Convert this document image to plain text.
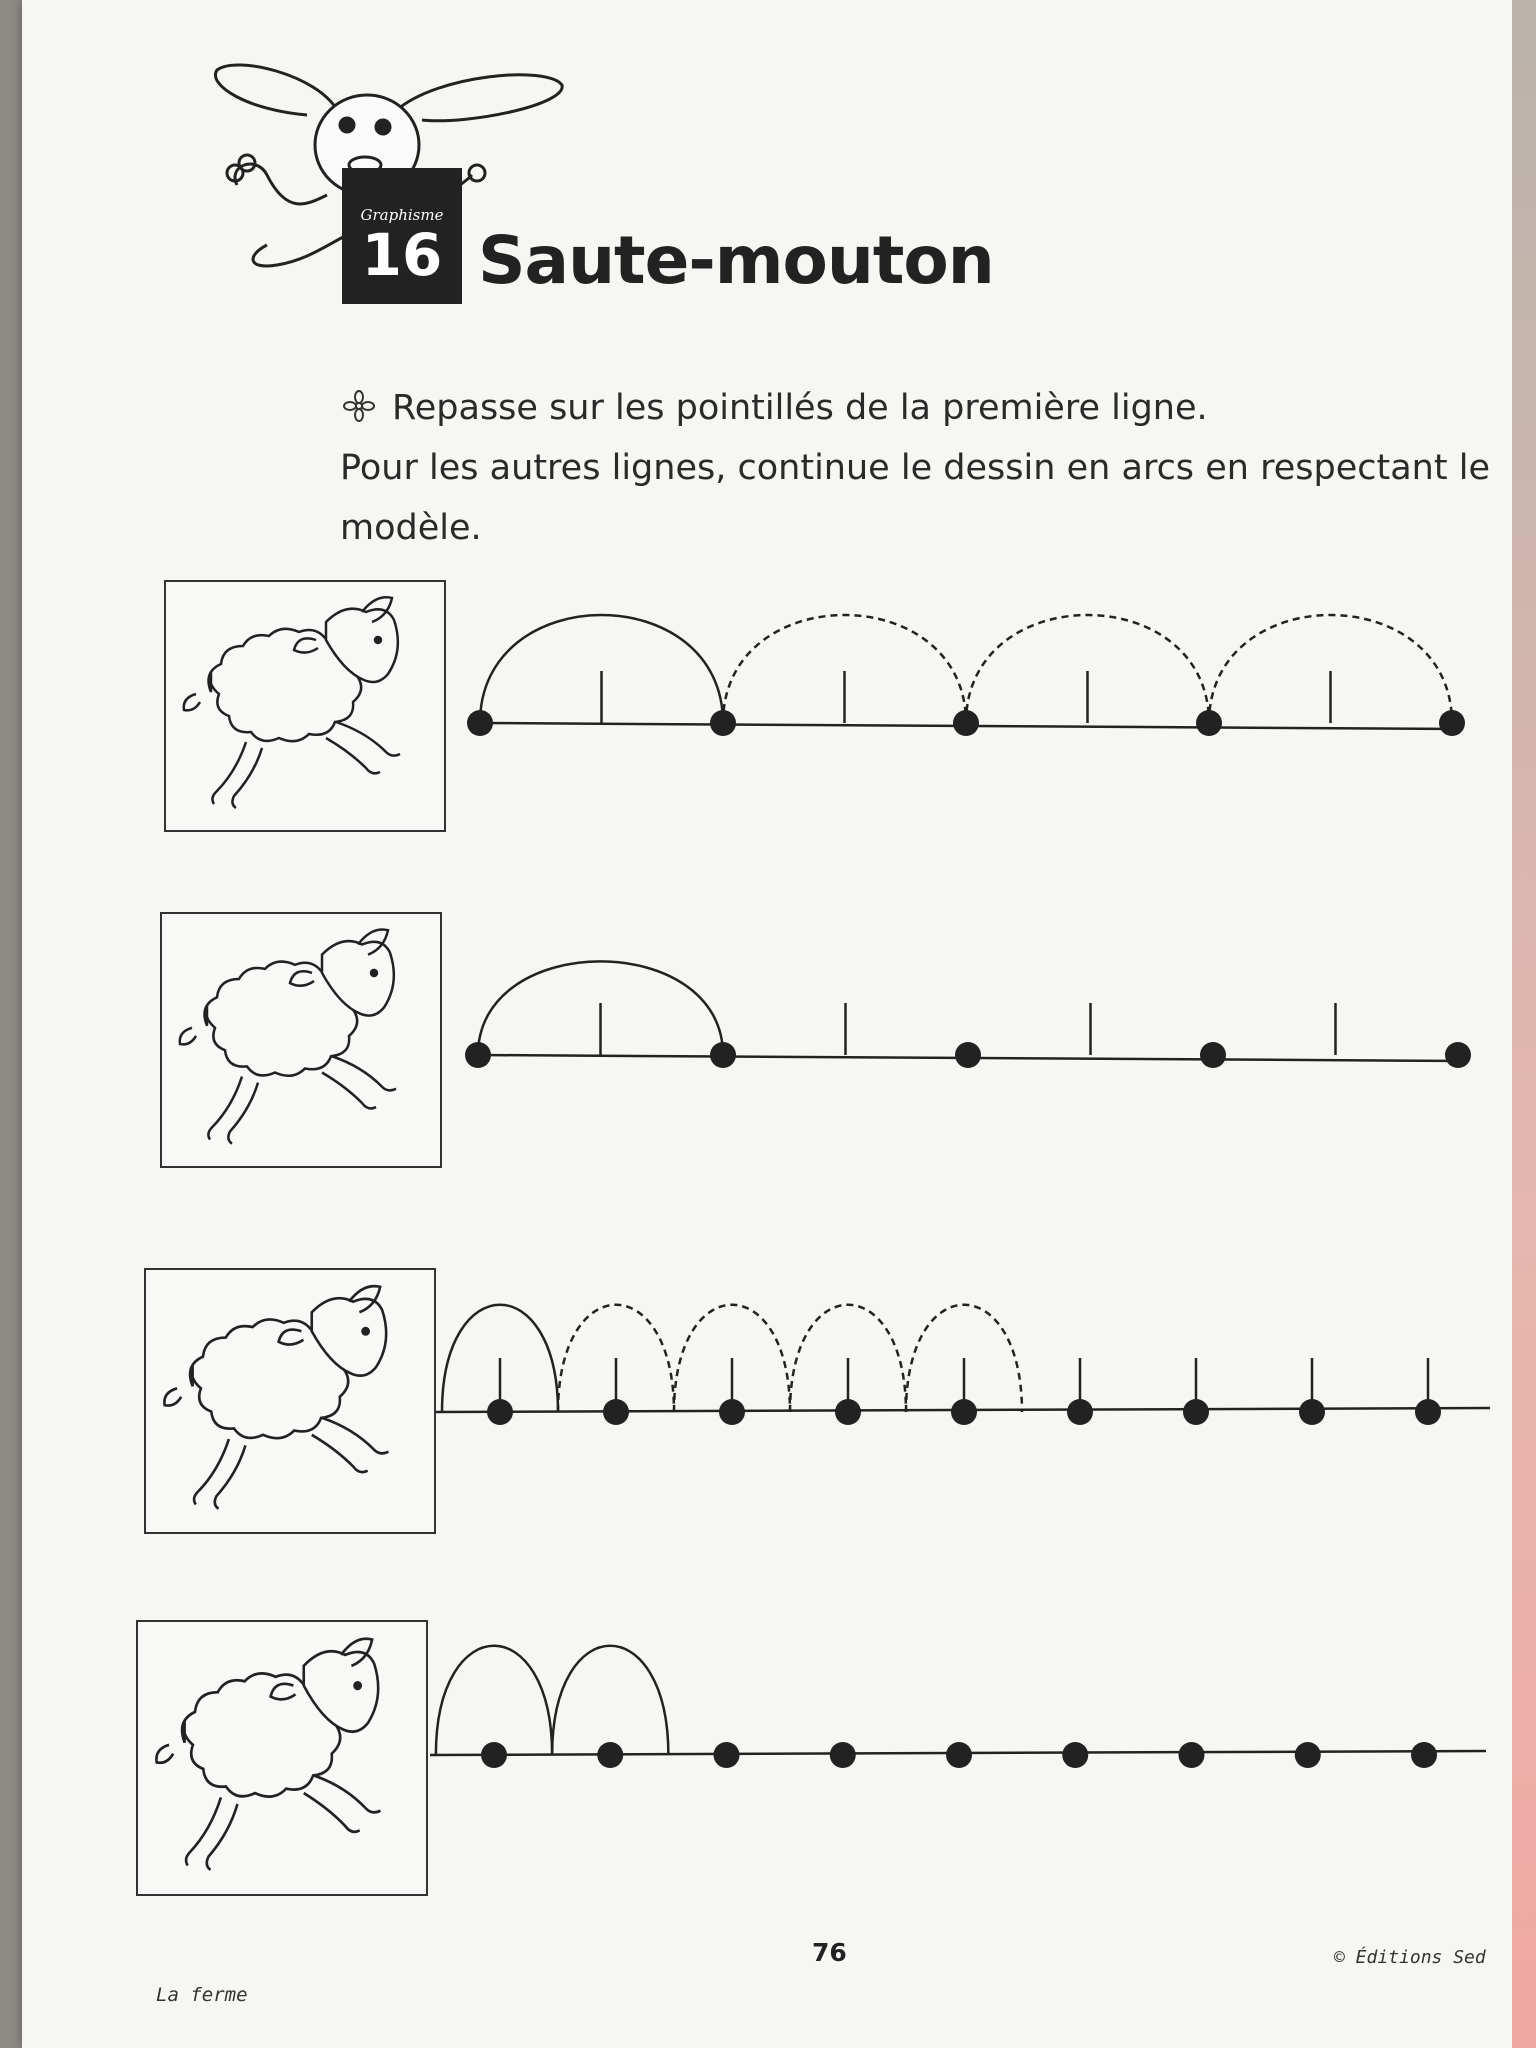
Graphisme
16 Saute-mouton

Repasse sur les pointillés de la première ligne.
Pour les autres lignes, continue le dessin en arcs en respectant le modèle.

76
La ferme
© Éditions Sed
